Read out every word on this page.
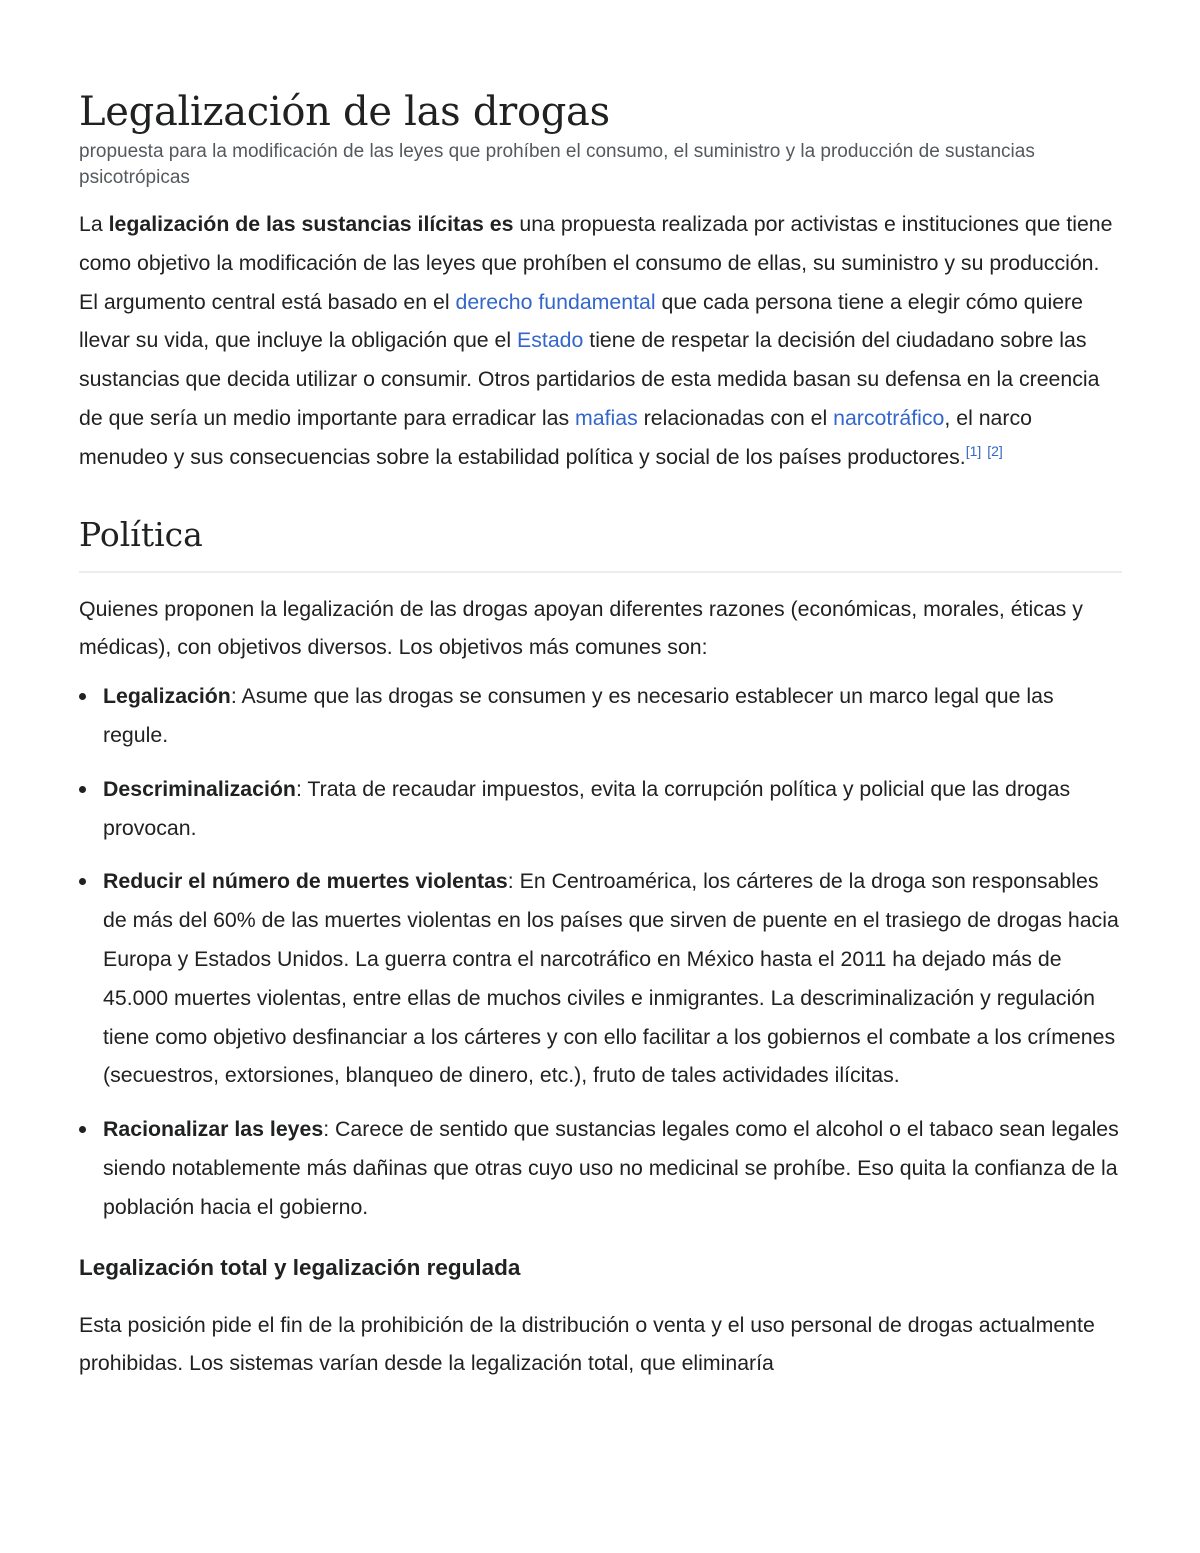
Legalización de las drogas
propuesta para la modificación de las leyes que prohíben el consumo, el suministro y la producción de sustancias psicotrópicas

La legalización de las sustancias ilícitas es una propuesta realizada por activistas e instituciones que tiene como objetivo la modificación de las leyes que prohíben el consumo de ellas, su suministro y su producción. El argumento central está basado en el derecho fundamental que cada persona tiene a elegir cómo quiere llevar su vida, que incluye la obligación que el Estado tiene de respetar la decisión del ciudadano sobre las sustancias que decida utilizar o consumir. Otros partidarios de esta medida basan su defensa en la creencia de que sería un medio importante para erradicar las mafias relacionadas con el narcotráfico, el narco menudeo y sus consecuencias sobre la estabilidad política y social de los países productores.[1] [2]

Política

Quienes proponen la legalización de las drogas apoyan diferentes razones (económicas, morales, éticas y médicas), con objetivos diversos. Los objetivos más comunes son:

Legalización: Asume que las drogas se consumen y es necesario establecer un marco legal que las regule.
Descriminalización: Trata de recaudar impuestos, evita la corrupción política y policial que las drogas provocan.
Reducir el número de muertes violentas: En Centroamérica, los cárteres de la droga son responsables de más del 60% de las muertes violentas en los países que sirven de puente en el trasiego de drogas hacia Europa y Estados Unidos. La guerra contra el narcotráfico en México hasta el 2011 ha dejado más de 45.000 muertes violentas, entre ellas de muchos civiles e inmigrantes. La descriminalización y regulación tiene como objetivo desfinanciar a los cárteres y con ello facilitar a los gobiernos el combate a los crímenes (secuestros, extorsiones, blanqueo de dinero, etc.), fruto de tales actividades ilícitas.
Racionalizar las leyes: Carece de sentido que sustancias legales como el alcohol o el tabaco sean legales siendo notablemente más dañinas que otras cuyo uso no medicinal se prohíbe. Eso quita la confianza de la población hacia el gobierno.
Legalización total y legalización regulada

Esta posición pide el fin de la prohibición de la distribución o venta y el uso personal de drogas actualmente prohibidas. Los sistemas varían desde la legalización total, que eliminaría
